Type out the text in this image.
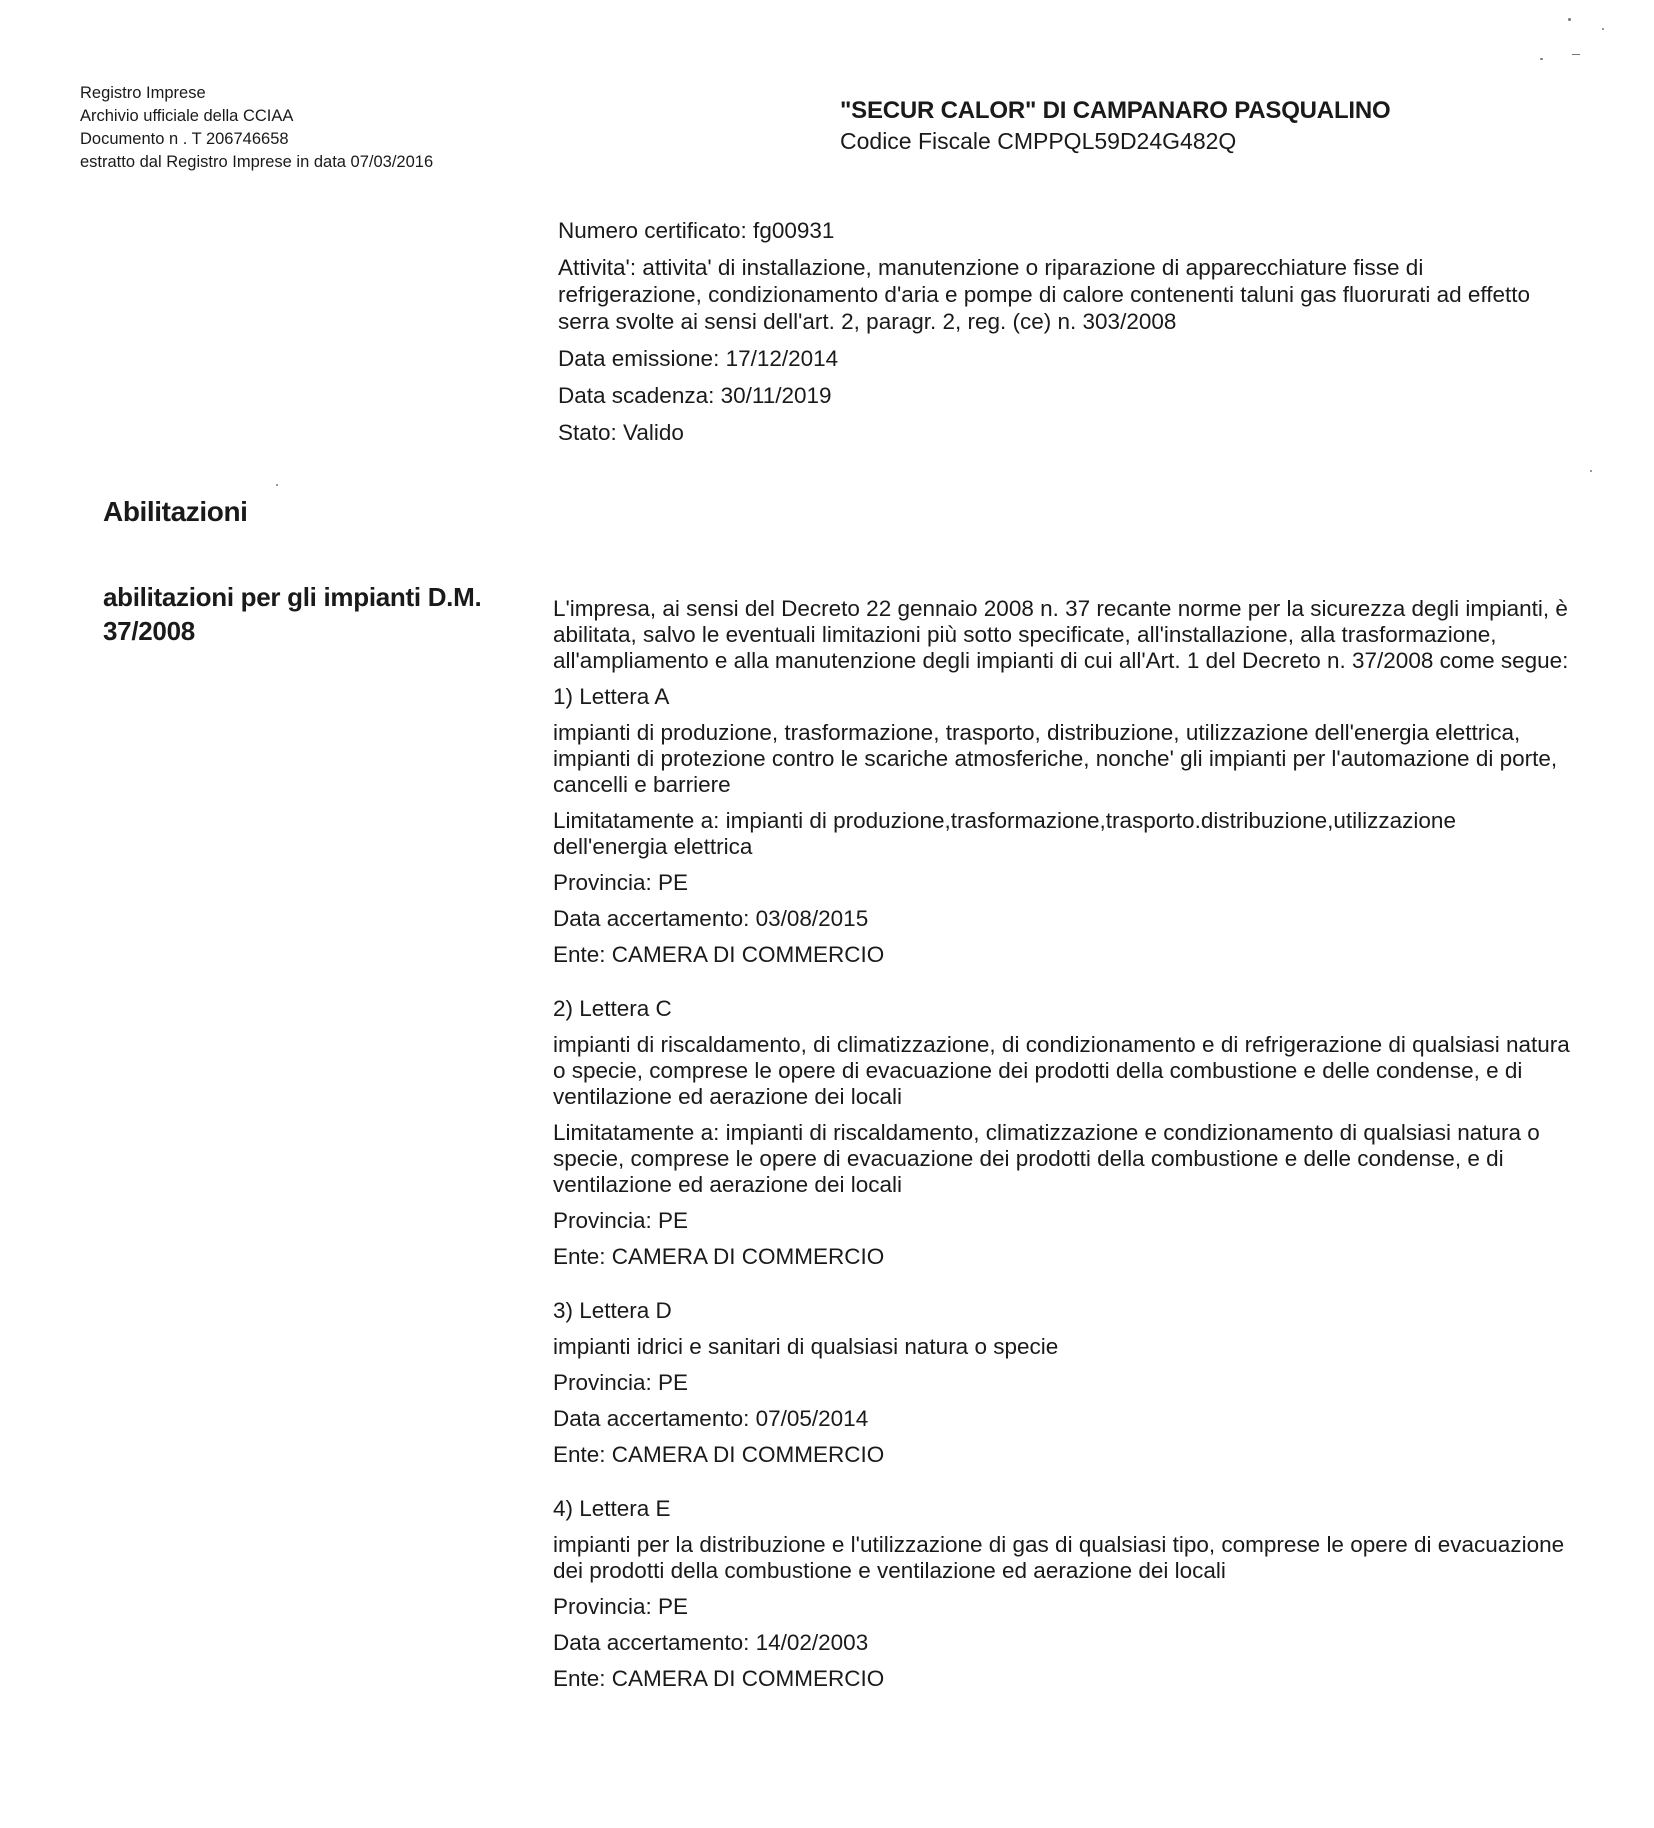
Registro Imprese
Archivio ufficiale della CCIAA
Documento n . T 206746658
estratto dal Registro Imprese in data 07/03/2016
"SECUR CALOR" DI CAMPANARO PASQUALINO
Codice Fiscale CMPPQL59D24G482Q
Numero certificato: fg00931
Attivita': attivita' di installazione, manutenzione o riparazione di apparecchiature fisse di refrigerazione, condizionamento d'aria e pompe di calore contenenti taluni gas fluorurati ad effetto serra svolte ai sensi dell'art. 2, paragr. 2, reg. (ce) n. 303/2008
Data emissione: 17/12/2014
Data scadenza: 30/11/2019
Stato: Valido
Abilitazioni
abilitazioni per gli impianti D.M. 37/2008
L'impresa, ai sensi del Decreto 22 gennaio 2008 n. 37 recante norme per la sicurezza degli impianti, è abilitata, salvo le eventuali limitazioni più sotto specificate, all'installazione, alla trasformazione, all'ampliamento e alla manutenzione degli impianti di cui all'Art. 1 del Decreto n. 37/2008 come segue:
1) Lettera A
impianti di produzione, trasformazione, trasporto, distribuzione, utilizzazione dell'energia elettrica, impianti di protezione contro le scariche atmosferiche, nonche' gli impianti per l'automazione di porte, cancelli e barriere
Limitatamente a: impianti di produzione,trasformazione,trasporto.distribuzione,utilizzazione dell'energia elettrica
Provincia: PE
Data accertamento: 03/08/2015
Ente: CAMERA DI COMMERCIO
2) Lettera C
impianti di riscaldamento, di climatizzazione, di condizionamento e di refrigerazione di qualsiasi natura o specie, comprese le opere di evacuazione dei prodotti della combustione e delle condense, e di ventilazione ed aerazione dei locali
Limitatamente a: impianti di riscaldamento, climatizzazione e condizionamento di qualsiasi natura o specie, comprese le opere di evacuazione dei prodotti della combustione e delle condense, e di ventilazione ed aerazione dei locali
Provincia: PE
Ente: CAMERA DI COMMERCIO
3) Lettera D
impianti idrici e sanitari di qualsiasi natura o specie
Provincia: PE
Data accertamento: 07/05/2014
Ente: CAMERA DI COMMERCIO
4) Lettera E
impianti per la distribuzione e l'utilizzazione di gas di qualsiasi tipo, comprese le opere di evacuazione dei prodotti della combustione e ventilazione ed aerazione dei locali
Provincia: PE
Data accertamento: 14/02/2003
Ente: CAMERA DI COMMERCIO
